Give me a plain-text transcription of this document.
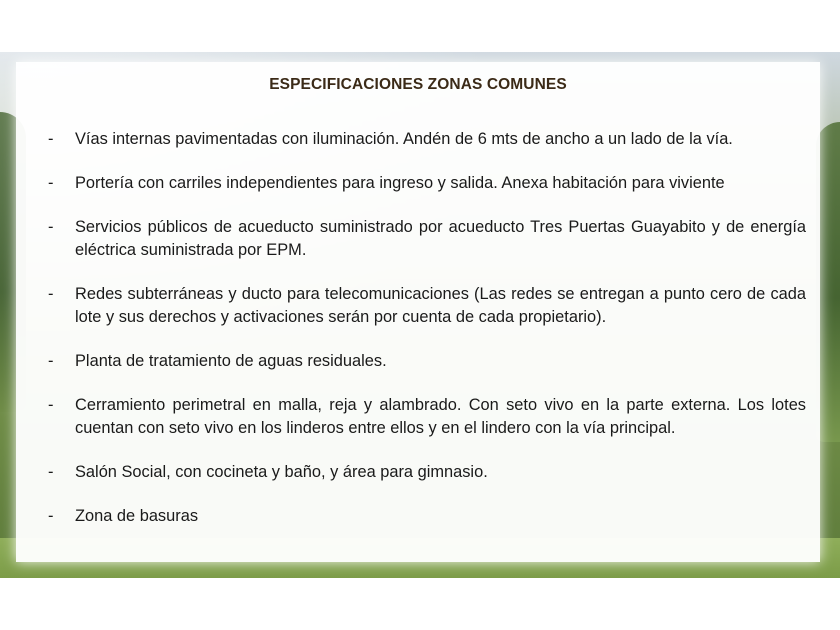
ESPECIFICACIONES ZONAS COMUNES
- Vías internas pavimentadas con iluminación. Andén de 6 mts de ancho a un lado de la vía.
- Portería con carriles independientes para ingreso y salida. Anexa habitación para viviente
- Servicios públicos de acueducto suministrado por acueducto Tres Puertas Guayabito y de energía eléctrica suministrada por EPM.
- Redes subterráneas y ducto para telecomunicaciones (Las redes se entregan a punto cero de cada lote y sus derechos y activaciones serán por cuenta de cada propietario).
- Planta de tratamiento de aguas residuales.
- Cerramiento perimetral en malla, reja y alambrado. Con seto vivo en la parte externa. Los lotes cuentan con seto vivo en los linderos entre ellos y en el lindero con la vía principal.
- Salón Social, con cocineta y baño, y área para gimnasio.
- Zona de basuras
